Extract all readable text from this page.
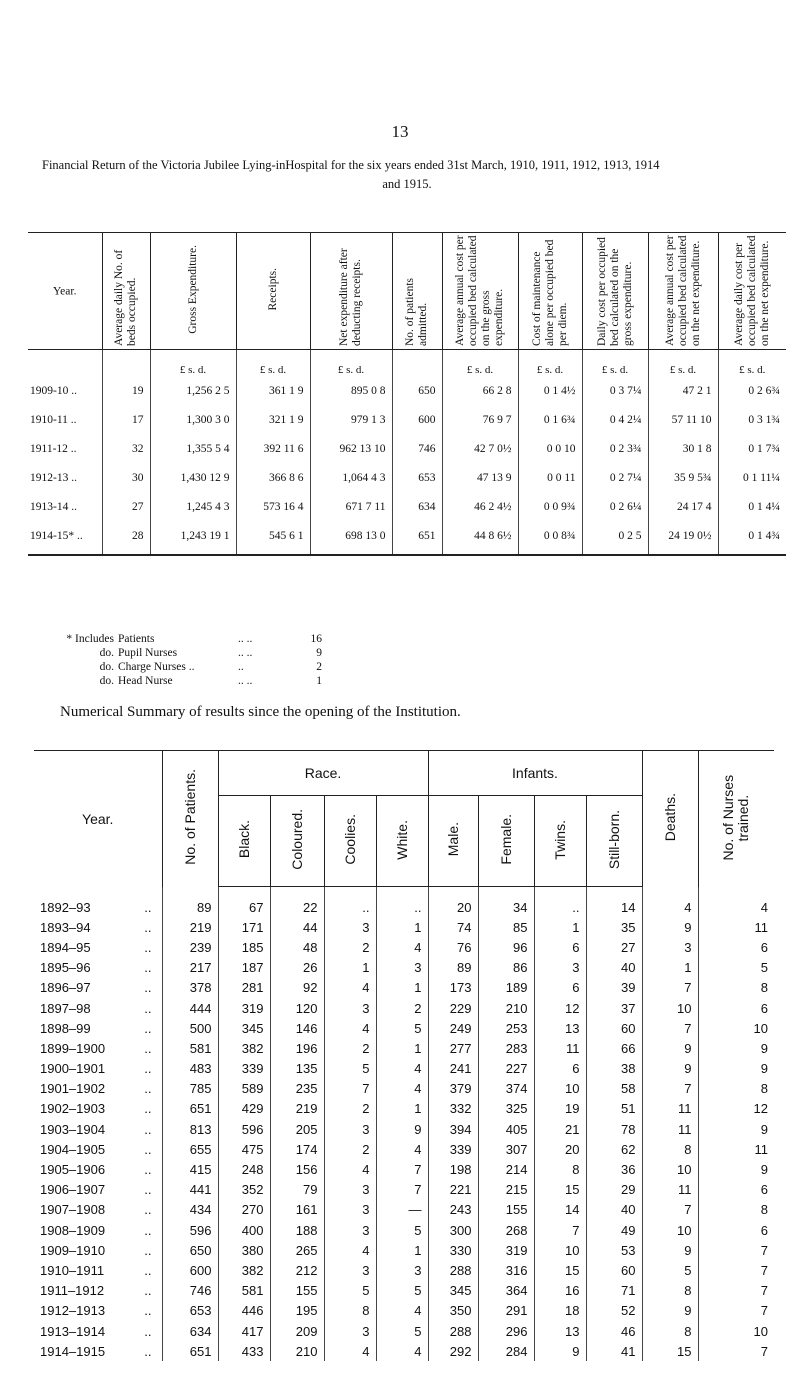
13
Financial Return of the Victoria Jubilee Lying-inHospital for the six years ended 31st March, 1910, 1911, 1912, 1913, 1914
and 1915.
Year.	Average daily No. of beds occupied.	Gross Expenditure.	Receipts.	Net expenditure after deducting receipts.	No. of patients admitted.	Average annual cost per occupied bed calculated on the gross expenditure.	Cost of maintenance alone per occupied bed per diem.	Daily cost per occupied bed calculated on the gross expenditure.	Average annual cost per occupied bed calculated on the net expenditure.	Average daily cost per occupied bed calculated on the net expenditure.
		£ s. d.	£ s. d.	£ s. d.		£ s. d.	£ s. d.	£ s. d.	£ s. d.	£ s. d.
1909-10 ..	19	1,256 2 5	361 1 9	895 0 8	650	66 2 8	0 1 4½	0 3 7¼	47 2 1	0 2 6¾
1910-11 ..	17	1,300 3 0	321 1 9	979 1 3	600	76 9 7	0 1 6¾	0 4 2¼	57 11 10	0 3 1¾
1911-12 ..	32	1,355 5 4	392 11 6	962 13 10	746	42 7 0½	0 0 10	0 2 3¾	30 1 8	0 1 7¾
1912-13 ..	30	1,430 12 9	366 8 6	1,064 4 3	653	47 13 9	0 0 11	0 2 7¼	35 9 5¾	0 1 11¼
1913-14 ..	27	1,245 4 3	573 16 4	671 7 11	634	46 2 4½	0 0 9¾	0 2 6¼	24 17 4	0 1 4¼
1914-15* ..	28	1,243 19 1	545 6 1	698 13 0	651	44 8 6½	0 0 8¾	0 2 5	24 19 0½	0 1 4¾
* Includes Patients	.. ..	16
do. Pupil Nurses	.. ..	9
do. Charge Nurses ..	..	2
do. Head Nurse	.. ..	1
Numerical Summary of results since the opening of the Institution.
Year.	No. of Patients.	Race.				Infants.				Deaths.	No. of Nurses trained.
		Black.	Coloured.	Coolies.	White.	Male.	Female.	Twins.	Still-born.		

1892–93 ..	89	67	22	..	..	20	34	..	14	4	4
1893–94 ..	219	171	44	3	1	74	85	1	35	9	11
1894–95 ..	239	185	48	2	4	76	96	6	27	3	6
1895–96 ..	217	187	26	1	3	89	86	3	40	1	5
1896–97 ..	378	281	92	4	1	173	189	6	39	7	8
1897–98 ..	444	319	120	3	2	229	210	12	37	10	6
1898–99 ..	500	345	146	4	5	249	253	13	60	7	10
1899–1900 ..	581	382	196	2	1	277	283	11	66	9	9
1900–1901 ..	483	339	135	5	4	241	227	6	38	9	9
1901–1902 ..	785	589	235	7	4	379	374	10	58	7	8
1902–1903 ..	651	429	219	2	1	332	325	19	51	11	12
1903–1904 ..	813	596	205	3	9	394	405	21	78	11	9
1904–1905 ..	655	475	174	2	4	339	307	20	62	8	11
1905–1906 ..	415	248	156	4	7	198	214	8	36	10	9
1906–1907 ..	441	352	79	3	7	221	215	15	29	11	6
1907–1908 ..	434	270	161	3	—	243	155	14	40	7	8
1908–1909 ..	596	400	188	3	5	300	268	7	49	10	6
1909–1910 ..	650	380	265	4	1	330	319	10	53	9	7
1910–1911 ..	600	382	212	3	3	288	316	15	60	5	7
1911–1912 ..	746	581	155	5	5	345	364	16	71	8	7
1912–1913 ..	653	446	195	8	4	350	291	18	52	9	7
1913–1914 ..	634	417	209	3	5	288	296	13	46	8	10
1914–1915 ..	651	433	210	4	4	292	284	9	41	15	7
